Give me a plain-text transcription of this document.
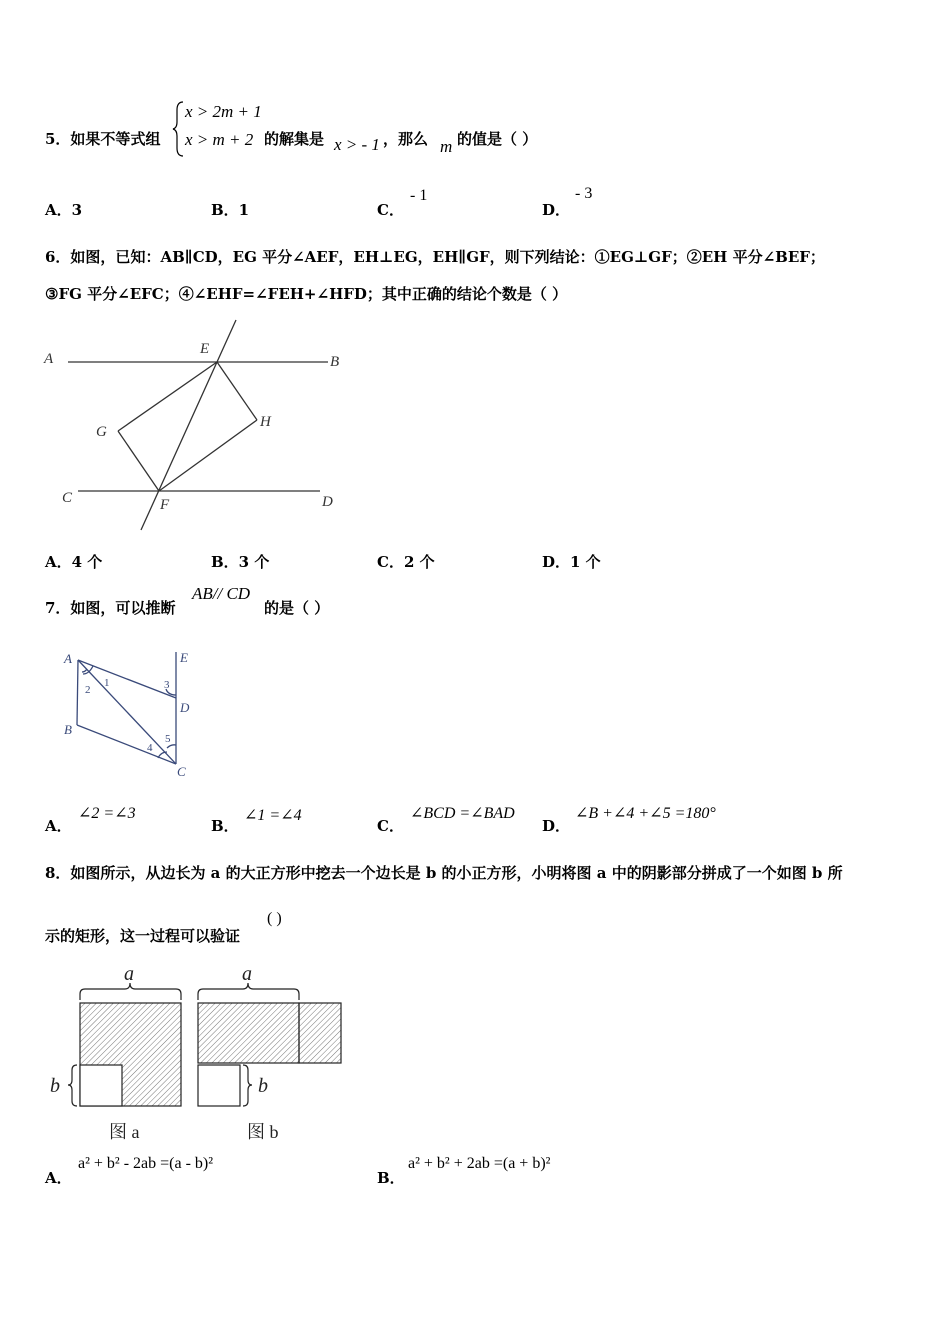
5．如果不等式组
x > 2m + 1
x > m + 2 的解集是 x > - 1 ，那么 m 的值是（ ）
A．3	B．1	C．
- 1
D．
- 3
6．如图，已知：AB∥CD，EG 平分∠AEF，EH⊥EG，EH∥GF，则下列结论：①EG⊥GF；②EH 平分∠BEF；
③FG 平分∠EFC；④∠EHF=∠FEH+∠HFD；其中正确的结论个数是（ ）
A	B
C	D
E
F
G
H
A．4 个	B．3 个	C．2 个	D．1 个
7．如图，可以推断
AB// CD
的是（ ）
A
B
C
D
E
1
2	3
4
5
A．
∠2 =∠3
B．
∠1 =∠4
C．
∠BCD =∠BAD
D．
∠B +∠4 +∠5 =180°
8．如图所示，从边长为 a 的大正方形中挖去一个边长是 b 的小正方形，小明将图 a 中的阴影部分拼成了一个如图 b 所
示的矩形，这一过程可以验证
( )
a	a
b	b
图 a	图 b
A．
a² + b² - 2ab =(a - b)²
B．
a² + b² + 2ab =(a + b)²
